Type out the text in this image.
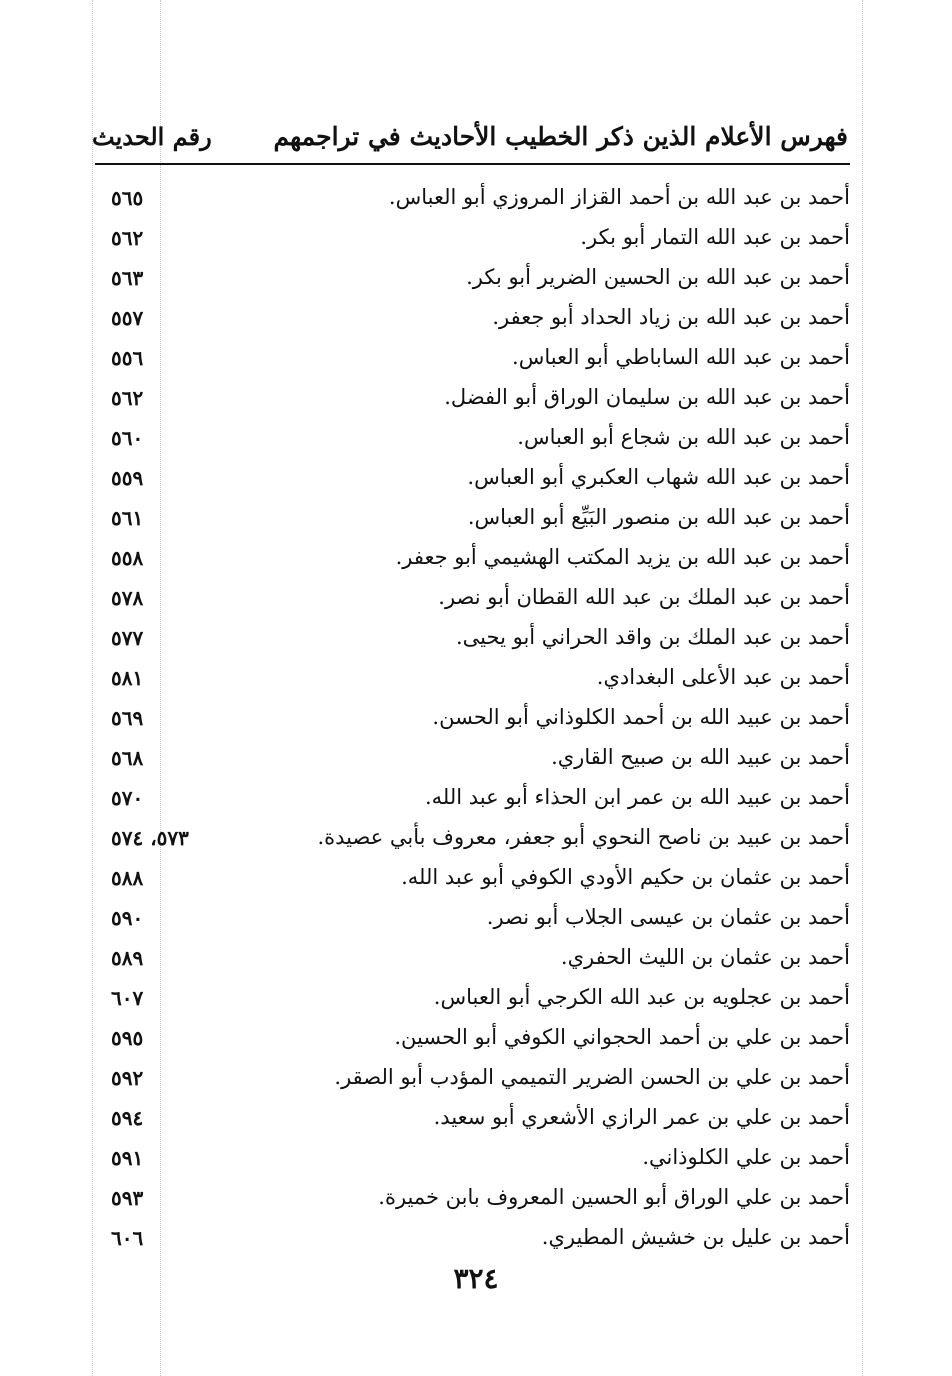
فهرس الأعلام الذين ذكر الخطيب الأحاديث في تراجمهم
رقم الحديث
أحمد بن عبد الله بن أحمد القزاز المروزي أبو العباس.
٥٦٥
أحمد بن عبد الله التمار أبو بكر.
٥٦٢
أحمد بن عبد الله بن الحسين الضرير أبو بكر.
٥٦٣
أحمد بن عبد الله بن زياد الحداد أبو جعفر.
٥٥٧
أحمد بن عبد الله الساباطي أبو العباس.
٥٥٦
أحمد بن عبد الله بن سليمان الوراق أبو الفضل.
٥٦٢
أحمد بن عبد الله بن شجاع أبو العباس.
٥٦٠
أحمد بن عبد الله شهاب العكبري أبو العباس.
٥٥٩
أحمد بن عبد الله بن منصور البَيِّع أبو العباس.
٥٦١
أحمد بن عبد الله بن يزيد المكتب الهشيمي أبو جعفر.
٥٥٨
أحمد بن عبد الملك بن عبد الله القطان أبو نصر.
٥٧٨
أحمد بن عبد الملك بن واقد الحراني أبو يحيى.
٥٧٧
أحمد بن عبد الأعلى البغدادي.
٥٨١
أحمد بن عبيد الله بن أحمد الكلوذاني أبو الحسن.
٥٦٩
أحمد بن عبيد الله بن صبيح القاري.
٥٦٨
أحمد بن عبيد الله بن عمر ابن الحذاء أبو عبد الله.
٥٧٠
أحمد بن عبيد بن ناصح النحوي أبو جعفر، معروف بأبي عصيدة.
٥٧٣، ٥٧٤
أحمد بن عثمان بن حكيم الأودي الكوفي أبو عبد الله.
٥٨٨
أحمد بن عثمان بن عيسى الجلاب أبو نصر.
٥٩٠
أحمد بن عثمان بن الليث الحفري.
٥٨٩
أحمد بن عجلويه بن عبد الله الكرجي أبو العباس.
٦٠٧
أحمد بن علي بن أحمد الحجواني الكوفي أبو الحسين.
٥٩٥
أحمد بن علي بن الحسن الضرير التميمي المؤدب أبو الصقر.
٥٩٢
أحمد بن علي بن عمر الرازي الأشعري أبو سعيد.
٥٩٤
أحمد بن علي الكلوذاني.
٥٩١
أحمد بن علي الوراق أبو الحسين المعروف بابن خميرة.
٥٩٣
أحمد بن عليل بن خشيش المطيري.
٦٠٦
٣٢٤
